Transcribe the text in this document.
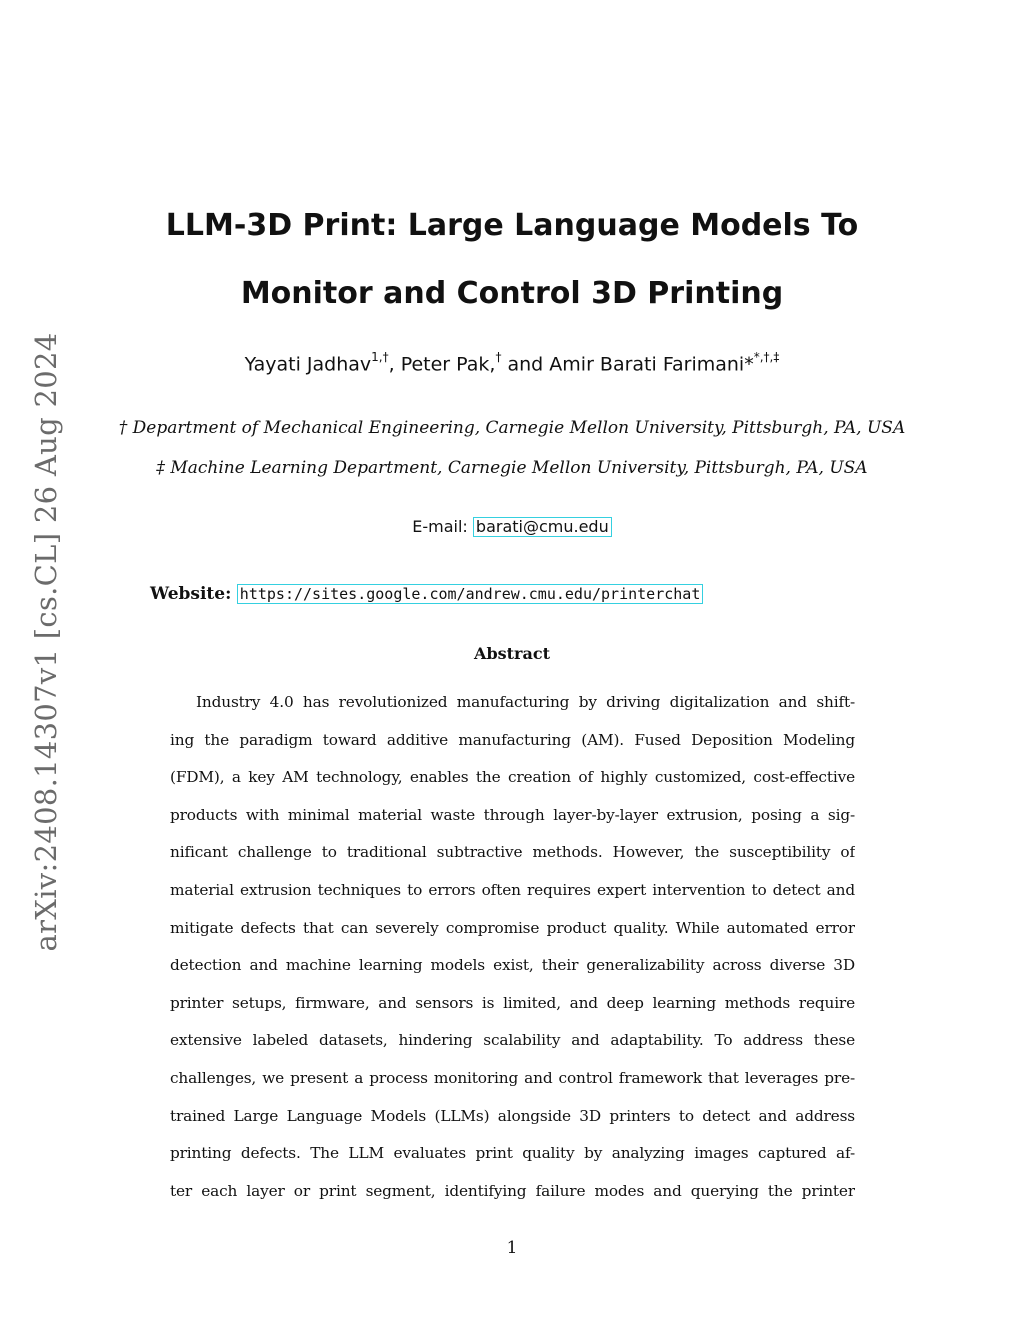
arXiv:2408.14307v1 [cs.CL] 26 Aug 2024
LLM-3D Print: Large Language Models To
Monitor and Control 3D Printing
Yayati Jadhav$^{1,\dagger}$, Peter Pak,† and Amir Barati Farimani**,†,‡
† Department of Mechanical Engineering, Carnegie Mellon University, Pittsburgh, PA, USA
‡ Machine Learning Department, Carnegie Mellon University, Pittsburgh, PA, USA
E-mail: barati@cmu.edu
Website: https://sites.google.com/andrew.cmu.edu/printerchat
Abstract
Industry 4.0 has revolutionized manufacturing by driving digitalization and shift-
ing the paradigm toward additive manufacturing (AM). Fused Deposition Modeling
(FDM), a key AM technology, enables the creation of highly customized, cost-effective
products with minimal material waste through layer-by-layer extrusion, posing a sig-
nificant challenge to traditional subtractive methods. However, the susceptibility of
material extrusion techniques to errors often requires expert intervention to detect and
mitigate defects that can severely compromise product quality. While automated error
detection and machine learning models exist, their generalizability across diverse 3D
printer setups, firmware, and sensors is limited, and deep learning methods require
extensive labeled datasets, hindering scalability and adaptability. To address these
challenges, we present a process monitoring and control framework that leverages pre-
trained Large Language Models (LLMs) alongside 3D printers to detect and address
printing defects. The LLM evaluates print quality by analyzing images captured af-
ter each layer or print segment, identifying failure modes and querying the printer
1
